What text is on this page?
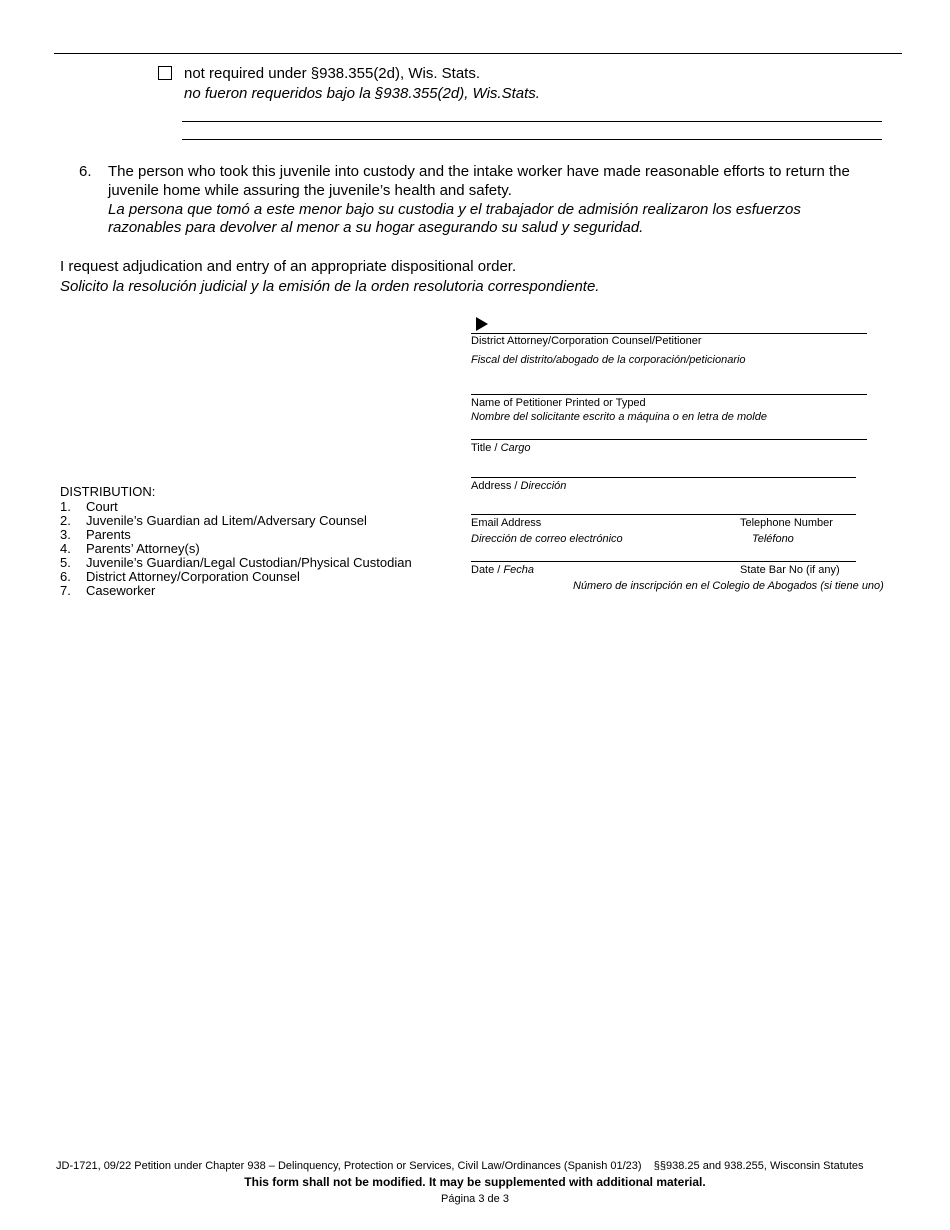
not required under §938.355(2d), Wis. Stats.
no fueron requeridos bajo la §938.355(2d), Wis.Stats.
6. The person who took this juvenile into custody and the intake worker have made reasonable efforts to return the
juvenile home while assuring the juvenile’s health and safety.
La persona que tomó a este menor bajo su custodia y el trabajador de admisión realizaron los esfuerzos
razonables para devolver al menor a su hogar asegurando su salud y seguridad.
I request adjudication and entry of an appropriate dispositional order.
Solicito la resolución judicial y la emisión de la orden resolutoria correspondiente.
District Attorney/Corporation Counsel/Petitioner
Fiscal del distrito/abogado de la corporación/peticionario
Name of Petitioner Printed or Typed
Nombre del solicitante escrito a máquina o en letra de molde
Title / Cargo
Address / Dirección
Email Address
Dirección de correo electrónico
Telephone Number
Teléfono
Date / Fecha	State Bar No (if any)
Número de inscripción en el Colegio de Abogados (si tiene uno)
DISTRIBUTION:
1. Court
2. Juvenile’s Guardian ad Litem/Adversary Counsel
3. Parents
4. Parents’ Attorney(s)
5. Juvenile’s Guardian/Legal Custodian/Physical Custodian
6. District Attorney/Corporation Counsel
7. Caseworker
JD-1721, 09/22 Petition under Chapter 938 – Delinquency, Protection or Services, Civil Law/Ordinances (Spanish 01/23)    §§938.25 and 938.255, Wisconsin Statutes
This form shall not be modified. It may be supplemented with additional material.
Página 3 de 3
